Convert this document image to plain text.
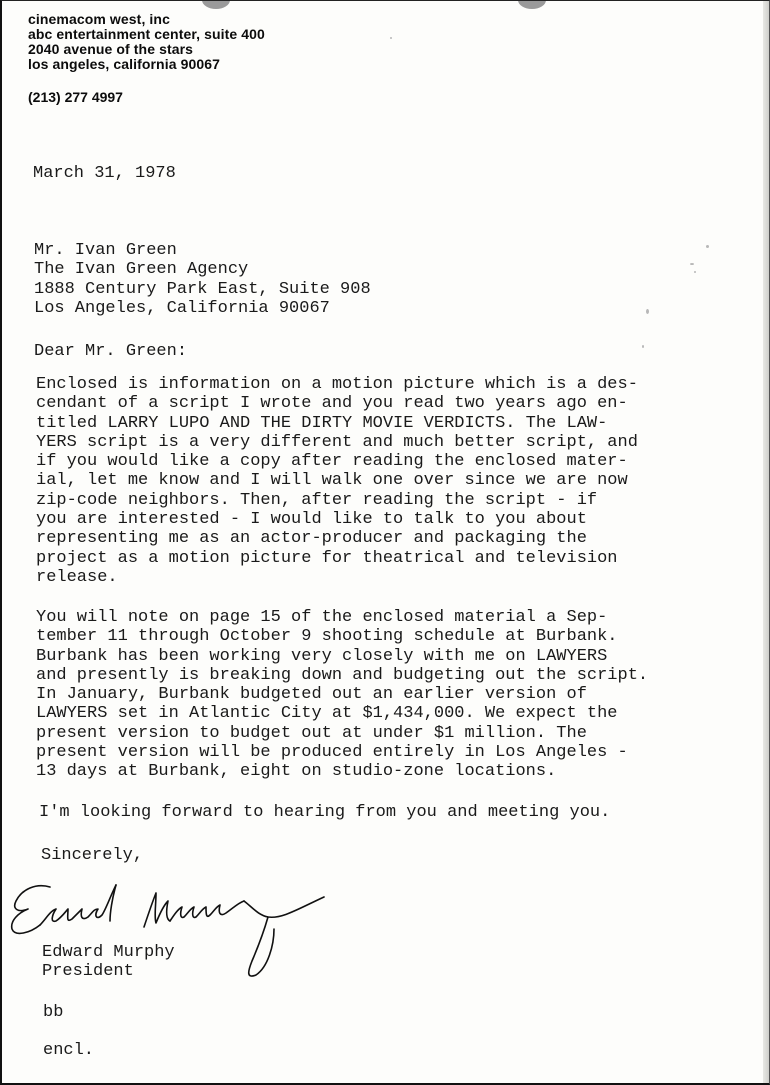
cinemacom west, inc
abc entertainment center, suite 400
2040 avenue of the stars
los angeles, california 90067
(213) 277 4997
March 31, 1978
Mr. Ivan Green
The Ivan Green Agency
1888 Century Park East, Suite 908
Los Angeles, California 90067
Dear Mr. Green:
Enclosed is information on a motion picture which is a des-
cendant of a script I wrote and you read two years ago en-
titled LARRY LUPO AND THE DIRTY MOVIE VERDICTS. The LAW-
YERS script is a very different and much better script, and
if you would like a copy after reading the enclosed mater-
ial, let me know and I will walk one over since we are now
zip-code neighbors. Then, after reading the script - if
you are interested - I would like to talk to you about
representing me as an actor-producer and packaging the
project as a motion picture for theatrical and television
release.
You will note on page 15 of the enclosed material a Sep-
tember 11 through October 9 shooting schedule at Burbank.
Burbank has been working very closely with me on LAWYERS
and presently is breaking down and budgeting out the script.
In January, Burbank budgeted out an earlier version of
LAWYERS set in Atlantic City at $1,434,000. We expect the
present version to budget out at under $1 million. The
present version will be produced entirely in Los Angeles -
13 days at Burbank, eight on studio-zone locations.
I'm looking forward to hearing from you and meeting you.
Sincerely,
Edward Murphy
President
bb
encl.
